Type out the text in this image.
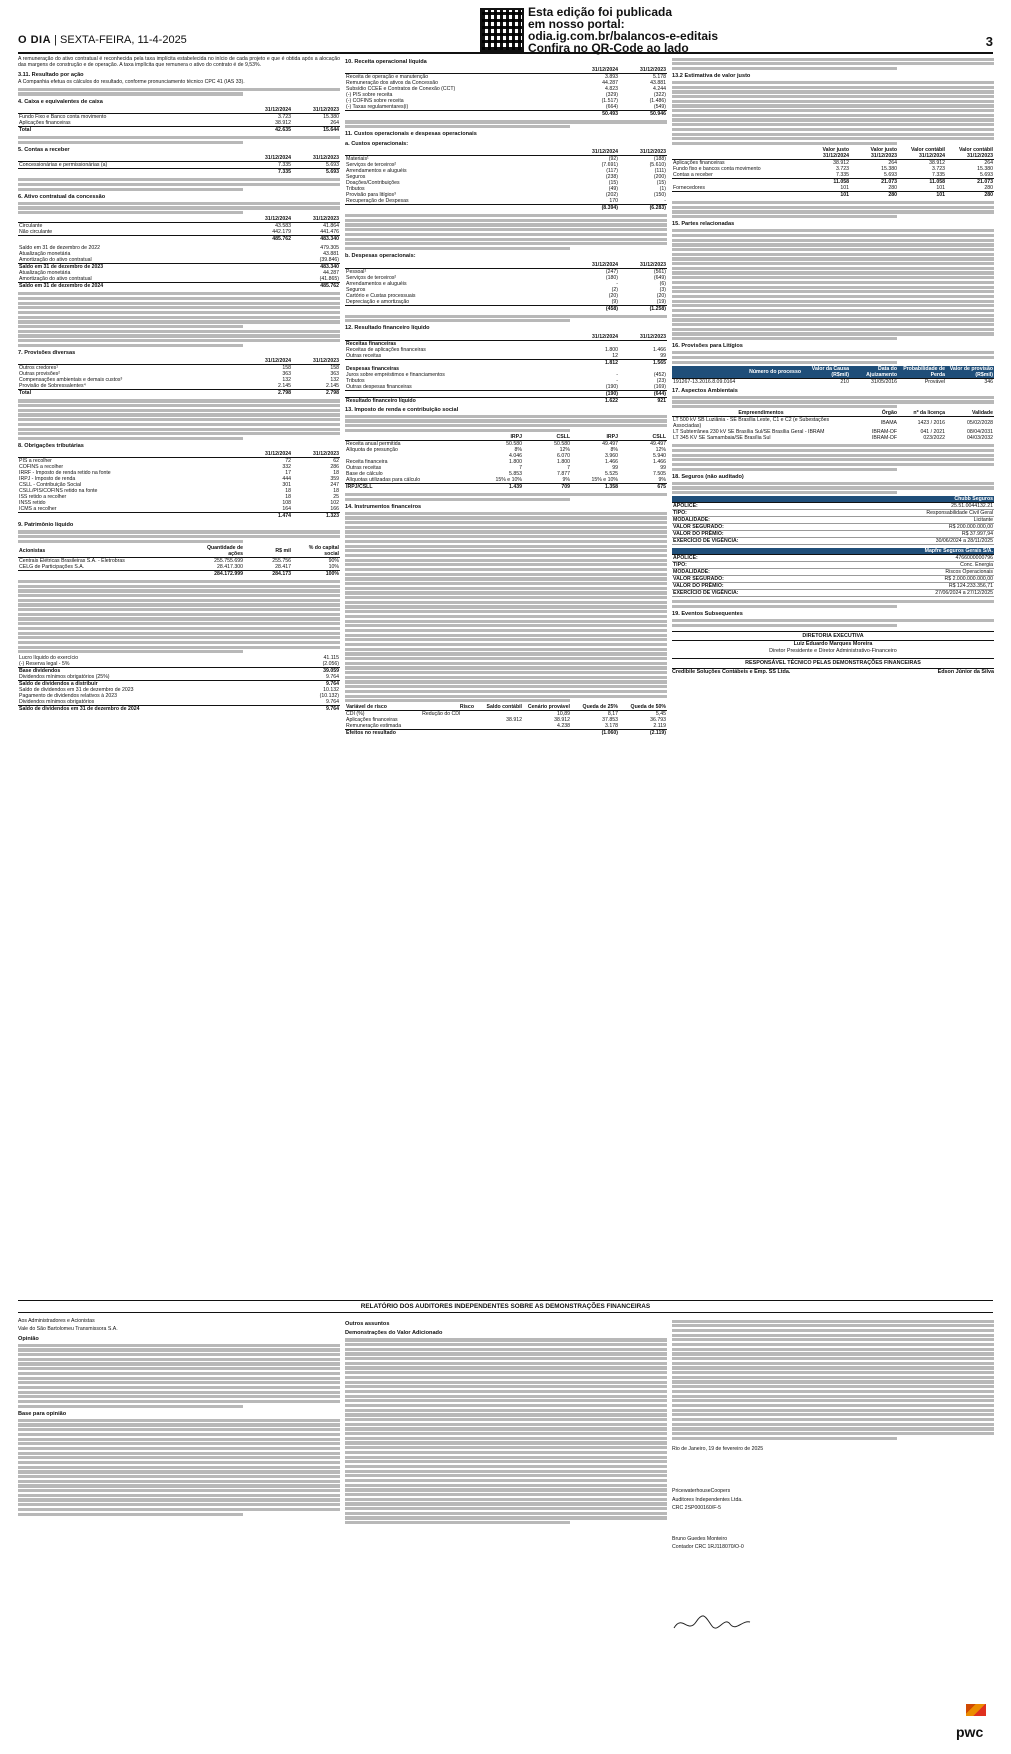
O DIA | SEXTA-FEIRA, 11-4-2025
Esta edição foi publicada
em nosso portal:
odia.ig.com.br/balancos-e-editais
Confira no QR-Code ao lado	3

A remuneração do ativo contratual é reconhecida pela taxa implícita estabelecida no início de cada projeto e que é obtida após a alocação das margens de construção e de operação. A taxa implícita que remunera o ativo do contrato é de 9,53%.

3.11. Resultado por ação

A Companhia efetua os cálculos do resultado, conforme pronunciamento técnico CPC 41 (IAS 33).

4. Caixa e equivalentes de caixa
	31/12/2024	31/12/2023
Fundo Fixo e Banco conta movimento	3.723	15.380
Aplicações financeiras	38.912	264
Total	42.635	15.644
5. Contas a receber
	31/12/2024	31/12/2023
Concessionárias e permissionárias (a)	7.335	5.693
	7.335	5.693
6. Ativo contratual da concessão
	31/12/2024	31/12/2023
Circulante	43.583	41.864
Não circulante	442.179	441.476
	485.762	483.340
Saldo em 31 de dezembro de 2022	479.305
Atualização monetária	43.881
Amortização do ativo contratual	(39.846)
Saldo em 31 de dezembro de 2023	483.340
Atualização monetária	44.287
Amortização do ativo contratual	(41.865)
Saldo em 31 de dezembro de 2024	485.762
7. Provisões diversas
	31/12/2024	31/12/2023
Outros credores¹	158	158
Outras provisões²	363	363
Compensações ambientais e demais custos³	132	132
Provisão de Sobressalentes⁴	2.145	2.145
Total	2.798	2.798
8. Obrigações tributárias
	31/12/2024	31/12/2023
PIS a recolher	72	62
COFINS a recolher	332	286
IRRF - Imposto de renda retido na fonte	17	18
IRPJ - Imposto de renda	444	359
CSLL - Contribuição Social	301	247
CSLL/PIS/COFINS retido na fonte	18	18
ISS retido a recolher	18	25
INSS retido	108	102
ICMS a recolher	164	166
	1.474	1.323
9. Patrimônio líquido
Acionistas	Quantidade de ações	R$ mil	% do capital social
Centrais Elétricas Brasileiras S.A. - Eletrobras	255.755.699	255.756	90%
CELG de Participações S.A.	28.417.300	28.417	10%
	284.172.999	284.173	100%
Lucro líquido do exercício	41.115
(-) Reserva legal - 5%	(2.056)
Base dividendos	39.059
Dividendos mínimos obrigatórios (25%)	9.764
Saldo de dividendos a distribuir	9.764
Saldo de dividendos em 31 de dezembro de 2023	10.132
Pagamento de dividendos relativos à 2023	(10.132)
Dividendos mínimos obrigatórios	9.764
Saldo de dividendos em 31 de dezembro de 2024	9.764
10. Receita operacional líquida
	31/12/2024	31/12/2023
Receita de operação e manutenção	3.893	5.178
Remuneração dos ativos da Concessão	44.287	43.881
Subsídio CCEE e Contratos de Conexão (CCT)	4.823	4.244
(-) PIS sobre receita	(329)	(322)
(-) COFINS sobre receita	(1.517)	(1.486)
(-) Taxas regulamentares(i)	(664)	(549)
	50.493	50.946
11. Custos operacionais e despesas operacionais
a. Custos operacionais:
	31/12/2024	31/12/2023
Materiais¹	(92)	(188)
Serviços de terceiros²	(7.691)	(5.610)
Arrendamentos e aluguéis	(117)	(111)
Seguros	(238)	(200)
Doações/Contribuições	(15)	(15)
Tributos	(49)	(1)
Provisão para litígios³	(202)	(150)
Recuperação de Despesas	170	-
	(8.394)	(6.283)
b. Despesas operacionais:
	31/12/2024	31/12/2023
Pessoal¹	(247)	(561)
Serviços de terceiros²	(180)	(649)
Arrendamentos e aluguéis	-	(6)
Seguros	(2)	(3)
Cartório e Custas processuais	(20)	(20)
Depreciação e amortização	(9)	(19)
	(458)	(1.258)
12. Resultado financeiro líquido
	31/12/2024	31/12/2023
Receitas financeiras		
Receitas de aplicações financeiras	1.800	1.466
Outras receitas	12	99
	1.812	1.565
Despesas financeiras		
Juros sobre empréstimos e financiamentos	-	(452)
Tributos	-	(23)
Outras despesas financeiras	(190)	(169)
	(190)	(644)
Resultado financeiro líquido	1.622	921
13. Imposto de renda e contribuição social
	IRPJ	CSLL	IRPJ	CSLL
Receita anual permitida	50.580	50.580	49.497	49.497
Alíquota de presunção	8%	12%	8%	12%
	4.046	6.070	3.960	5.940
Receita financeira	1.800	1.800	1.466	1.466
Outras receitas	7	7	99	99
Base de cálculo	5.853	7.877	5.525	7.505
Alíquotas utilizadas para cálculo	15% e 10%	9%	15% e 10%	9%
IRPJ/CSLL	1.439	709	1.358	675
14. Instrumentos financeiros
Variável de risco	Risco	Saldo contábil	Cenário provável	Queda de 25%	Queda de 50%
CDI (%)	Redução do CDI		10,89	8,17	5,45
Aplicações financeiras		38.912	38.912	37.853	36.793
Remuneração estimada			4.238	3.178	2.119
Efeitos no resultado				(1.060)	(2.119)
13.2 Estimativa de valor justo
	Valor justo 31/12/2024	Valor justo 31/12/2023	Valor contábil 31/12/2024	Valor contábil 31/12/2023
Aplicações financeiras	38.912	264	38.912	264
Fundo fixo e bancos conta movimento	3.723	15.380	3.723	15.380
Contas a receber	7.335	5.693	7.335	5.693
	11.058	21.073	11.058	21.073
Fornecedores	101	280	101	280
	101	280	101	280
15. Partes relacionadas
16. Provisões para Litígios
Número do processo	Valor da Causa (R$mil)	Data do Ajuizamento	Probabilidade de Perda	Valor de provisão (R$mil)
191267-13.2016.8.09.0164	210	31/05/2016	Provável	346
17. Aspectos Ambientais
Empreendimentos	Órgão	nº da licença	Validade
LT 500 kV SB Luziânia - SE Brasília Leste, C1 e C2 (e Subestações Associadas)	IBAMA	1423 / 2016	05/02/2028
LT Subterrânea 230 kV SE Brasília Sul/SE Brasília Geral - IBRAM	IBRAM-DF	041 / 2021	08/04/2031
LT 345 KV SE Samambaia/SE Brasília Sul	IBRAM-DF	023/2022	04/03/2032
18. Seguros (não auditado)
Chubb Seguros	
APÓLICE:	25.51.0044132.21
TIPO:	Responsabilidade Civil Geral
MODALIDADE:	Licitante
VALOR SEGURADO:	R$ 200.000.000,00
VALOR DO PRÊMIO:	R$ 37.997,94
EXERCÍCIO DE VIGÊNCIA:	30/06/2024 a 28/11/2025
Mapfre Seguros Gerais S/A.	
APÓLICE:	4766000000796
TIPO:	Conc. Energia
MODALIDADE:	Riscos Operacionais
VALOR SEGURADO:	R$ 2.000.000.000,00
VALOR DO PRÊMIO:	R$ 124.233.356,71
EXERCÍCIO DE VIGÊNCIA:	27/06/2024 a 27/12/2025
19. Eventos Subsequentes
DIRETORIA EXECUTIVA
Luiz Eduardo Marques Moreira
Diretor Presidente e Diretor Administrativo-Financeiro
RESPONSÁVEL TÉCNICO PELAS DEMONSTRAÇÕES FINANCEIRAS
Credibile Soluções Contábeis e Emp. SS Ltda.	Edson Júnior da Silva
RELATÓRIO DOS AUDITORES INDEPENDENTES SOBRE AS DEMONSTRAÇÕES FINANCEIRAS

Aos Administradores e Acionistas

Vale do São Bartolomeu Transmissora S.A.

Opinião
Base para opinião
Outros assuntos
Demonstrações do Valor Adicionado

Rio de Janeiro, 19 de fevereiro de 2025

PricewaterhouseCoopers

Auditores Independentes Ltda.

CRC 2SP000160/F-5

Bruno Guedes Monteiro

Contador CRC 1RJ118070/O-0

pwc
